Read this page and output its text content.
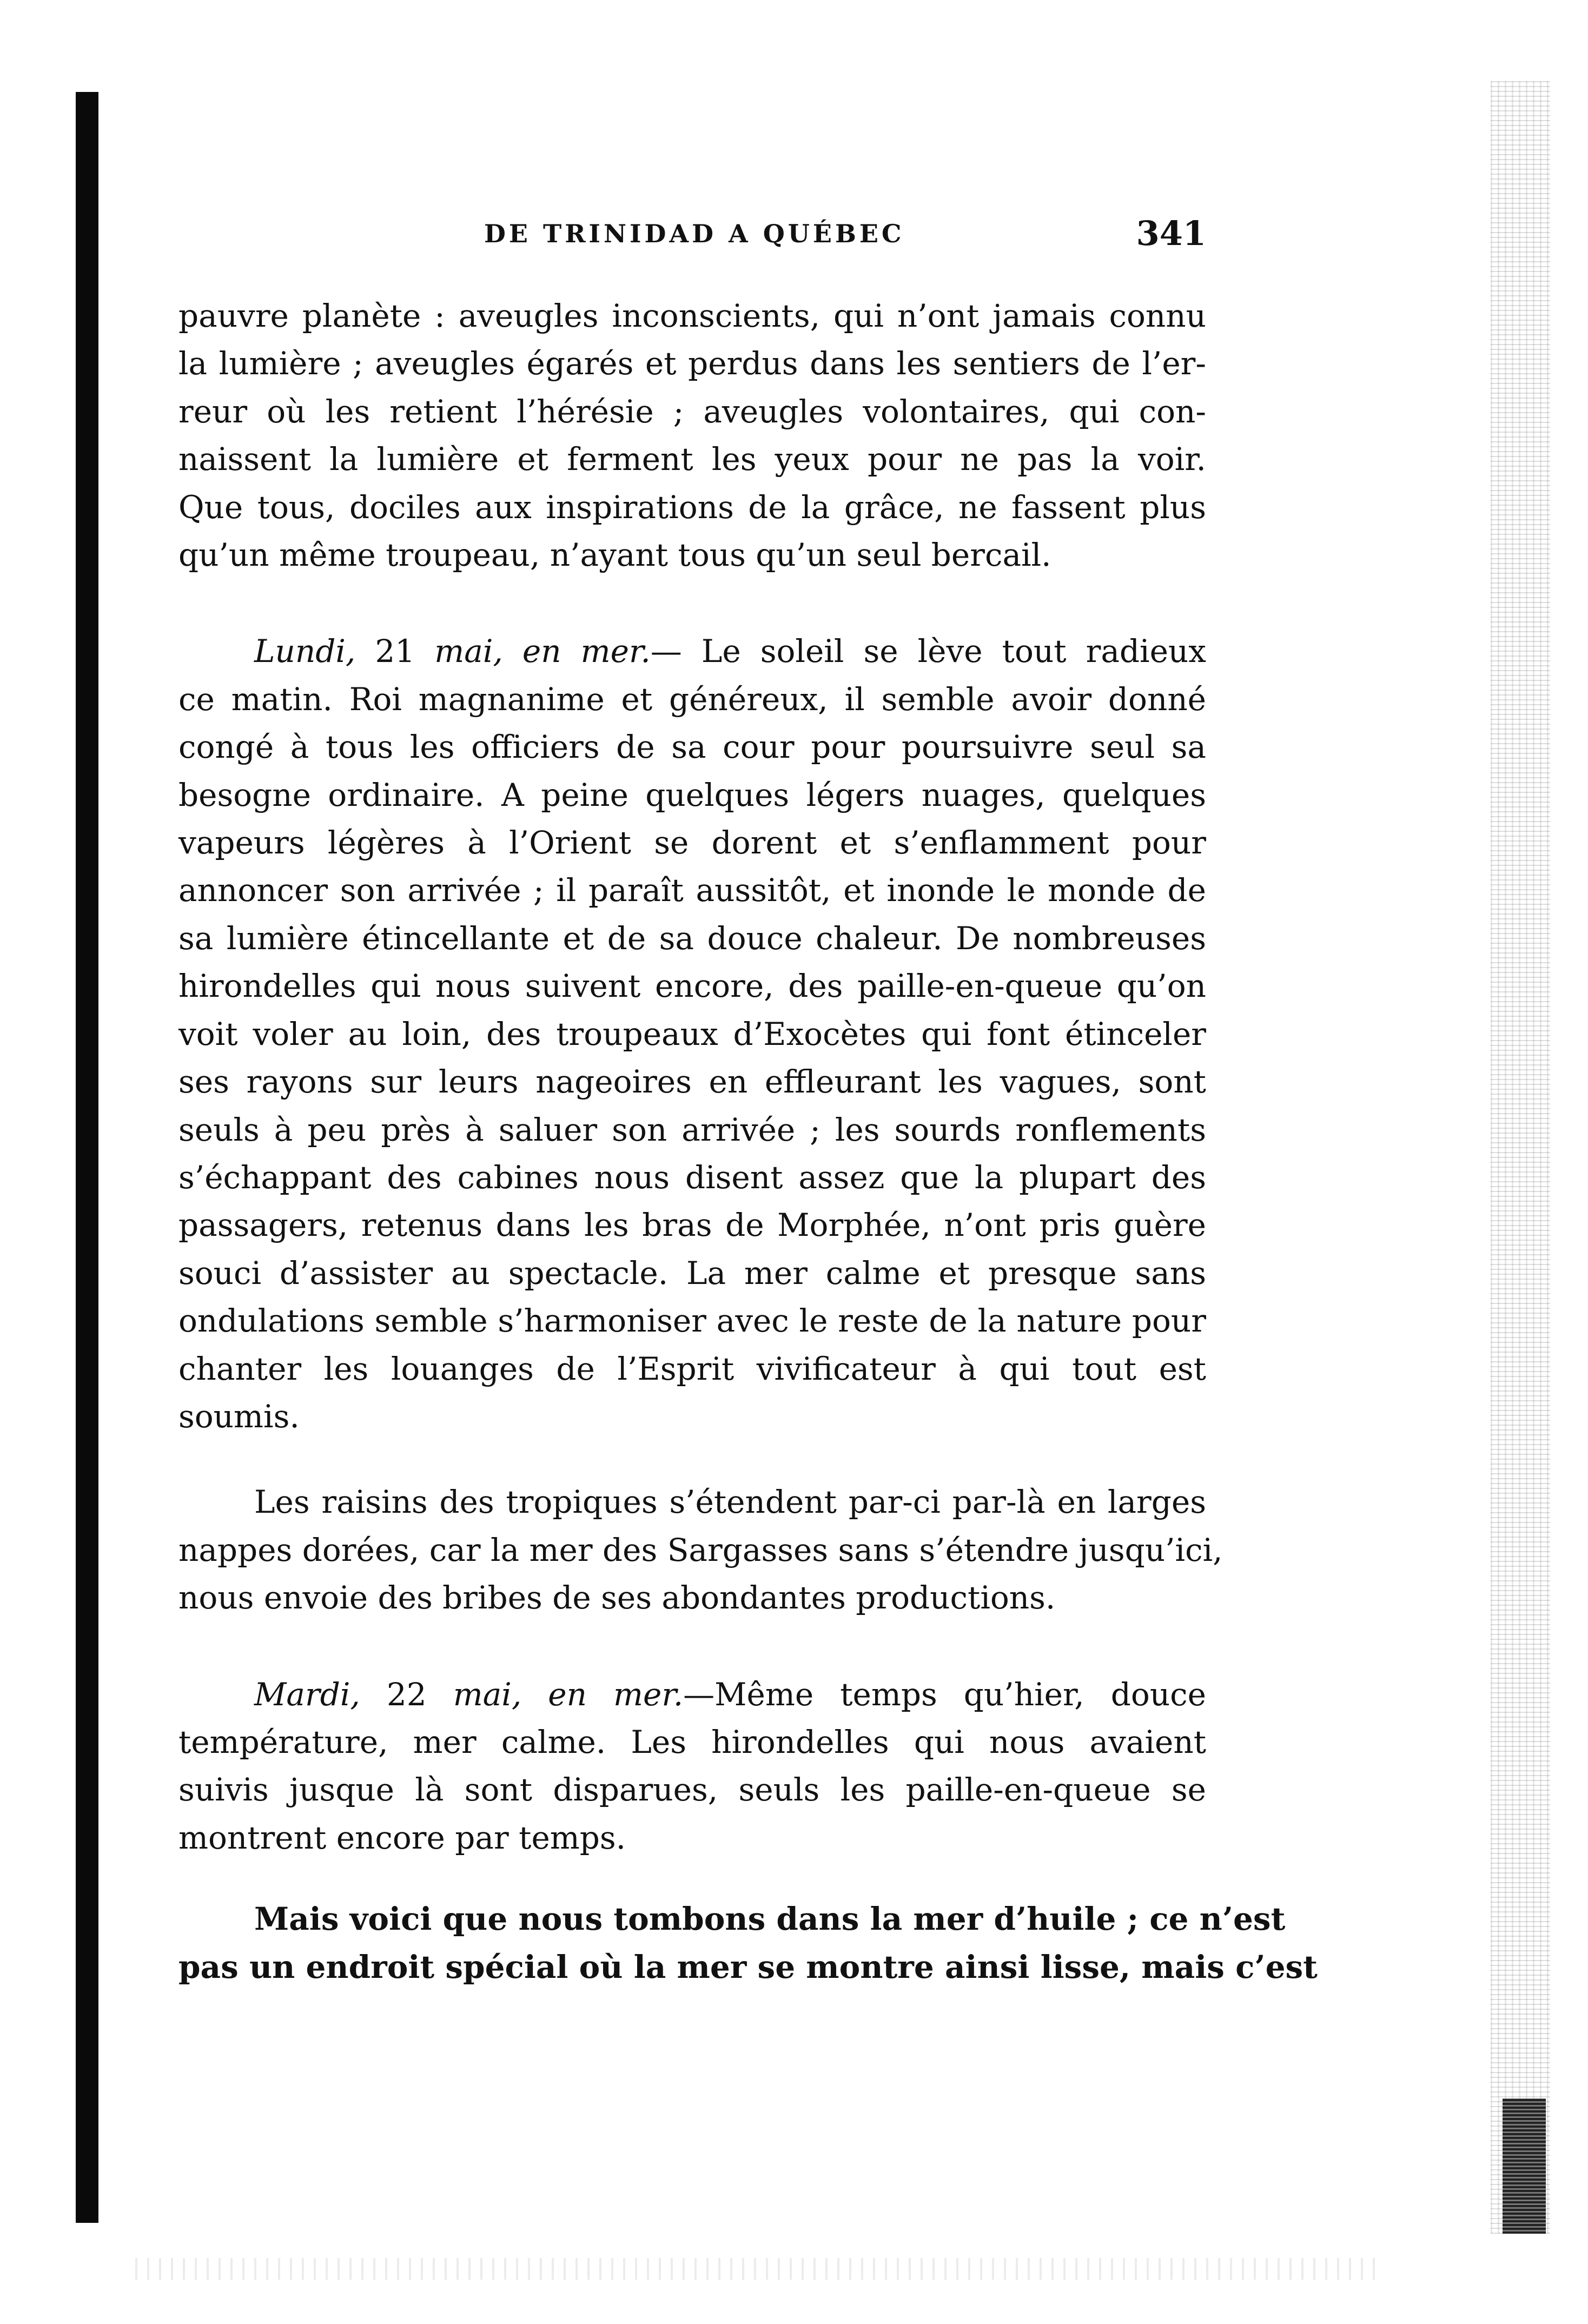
DE TRINIDAD A QUÉBEC	341

pauvre planète : aveugles inconscients, qui n’ont jamais connu
la lumière ; aveugles égarés et perdus dans les sentiers de l’er-
reur où les retient l’hérésie ; aveugles volontaires, qui con-
naissent la lumière et ferment les yeux pour ne pas la voir.
Que tous, dociles aux inspirations de la grâce, ne fassent plus
qu’un même troupeau, n’ayant tous qu’un seul bercail.

Lundi, 21 mai, en mer.— Le soleil se lève tout radieux
ce matin. Roi magnanime et généreux, il semble avoir donné
congé à tous les officiers de sa cour pour poursuivre seul sa
besogne ordinaire. A peine quelques légers nuages, quelques
vapeurs légères à l’Orient se dorent et s’enflamment pour
annoncer son arrivée ; il paraît aussitôt, et inonde le monde de
sa lumière étincellante et de sa douce chaleur. De nombreuses
hirondelles qui nous suivent encore, des paille-en-queue qu’on
voit voler au loin, des troupeaux d’Exocètes qui font étinceler
ses rayons sur leurs nageoires en effleurant les vagues, sont
seuls à peu près à saluer son arrivée ; les sourds ronflements
s’échappant des cabines nous disent assez que la plupart des
passagers, retenus dans les bras de Morphée, n’ont pris guère
souci d’assister au spectacle. La mer calme et presque sans
ondulations semble s’harmoniser avec le reste de la nature pour
chanter les louanges de l’Esprit vivificateur à qui tout est
soumis.

Les raisins des tropiques s’étendent par-ci par-là en larges
nappes dorées, car la mer des Sargasses sans s’étendre jusqu’ici,
nous envoie des bribes de ses abondantes productions.

Mardi, 22 mai, en mer.—Même temps qu’hier, douce
température, mer calme. Les hirondelles qui nous avaient
suivis jusque là sont disparues, seuls les paille-en-queue se
montrent encore par temps.

Mais voici que nous tombons dans la mer d’huile ; ce n’est
pas un endroit spécial où la mer se montre ainsi lisse, mais c’est
